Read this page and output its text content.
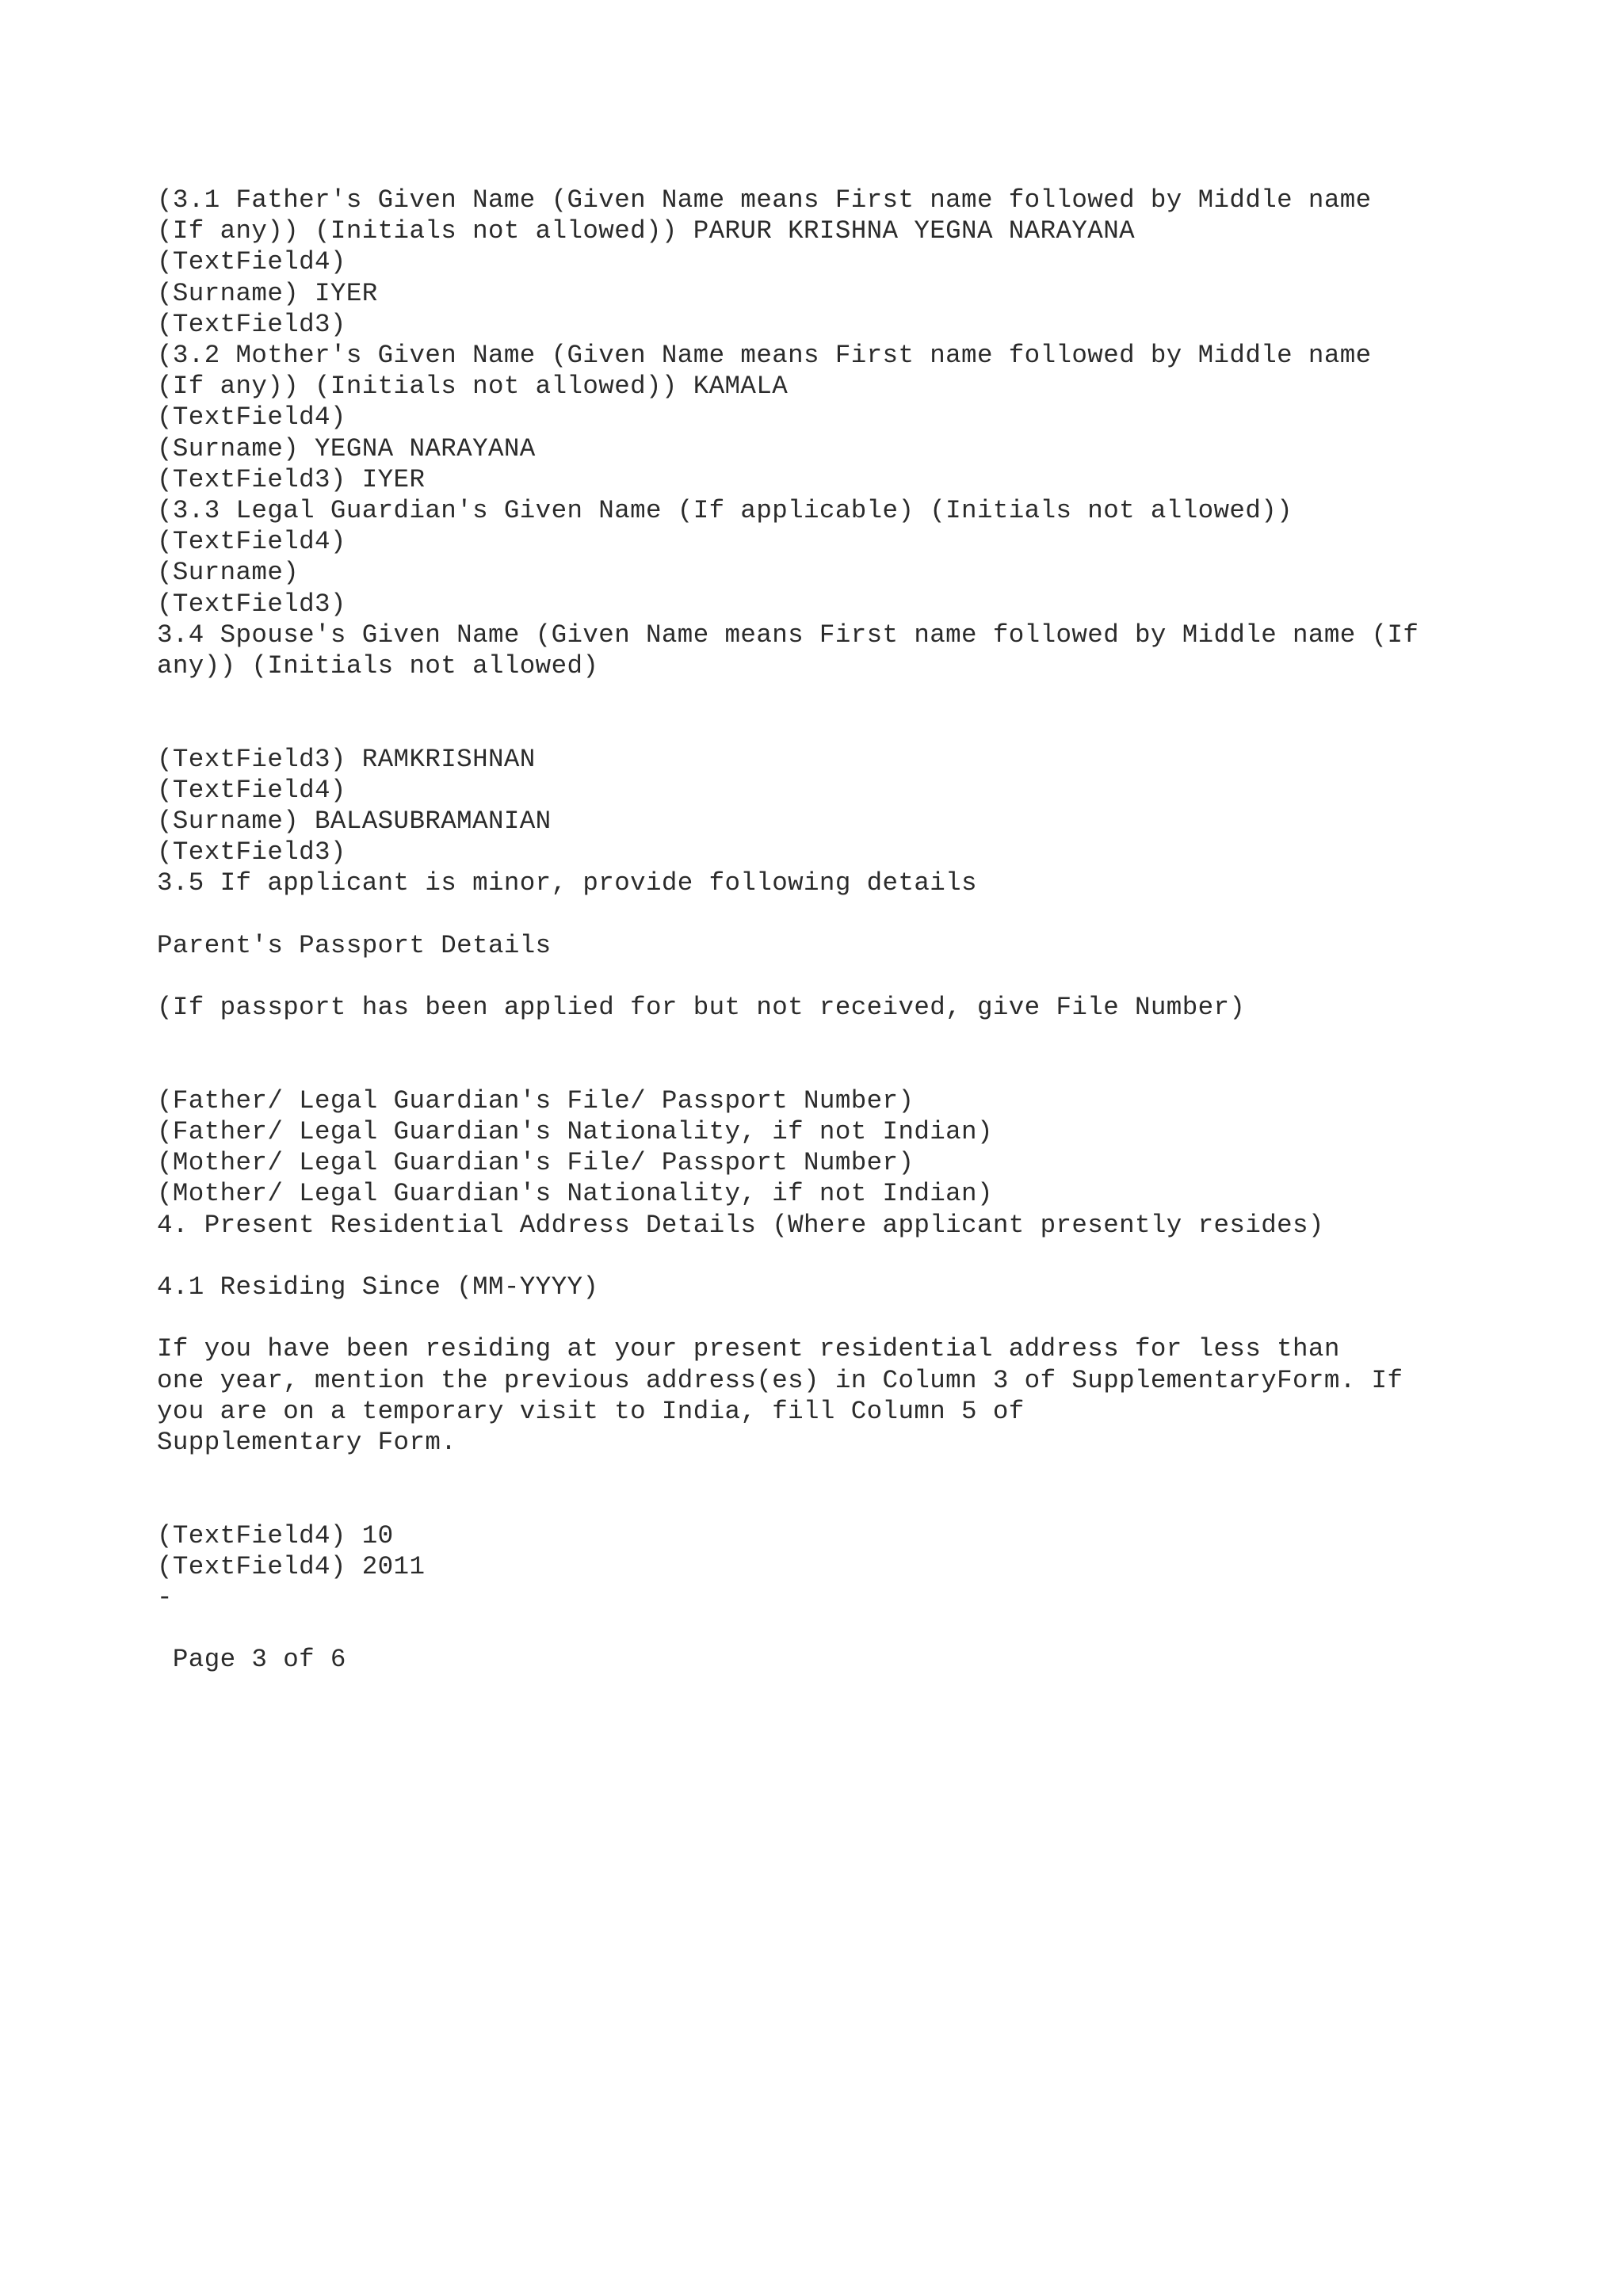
(3.1 Father's Given Name (Given Name means First name followed by Middle name
(If any)) (Initials not allowed)) PARUR KRISHNA YEGNA NARAYANA
(TextField4)
(Surname) IYER
(TextField3)
(3.2 Mother's Given Name (Given Name means First name followed by Middle name
(If any)) (Initials not allowed)) KAMALA
(TextField4)
(Surname) YEGNA NARAYANA
(TextField3) IYER
(3.3 Legal Guardian's Given Name (If applicable) (Initials not allowed))
(TextField4)
(Surname)
(TextField3)
3.4 Spouse's Given Name (Given Name means First name followed by Middle name (If
any)) (Initials not allowed)
(TextField3) RAMKRISHNAN
(TextField4)
(Surname) BALASUBRAMANIAN
(TextField3)
3.5 If applicant is minor, provide following details
Parent's Passport Details
(If passport has been applied for but not received, give File Number)
(Father/ Legal Guardian's File/ Passport Number)
(Father/ Legal Guardian's Nationality, if not Indian)
(Mother/ Legal Guardian's File/ Passport Number)
(Mother/ Legal Guardian's Nationality, if not Indian)
4. Present Residential Address Details (Where applicant presently resides)
4.1 Residing Since (MM-YYYY)
If you have been residing at your present residential address for less than
one year, mention the previous address(es) in Column 3 of SupplementaryForm. If
you are on a temporary visit to India, fill Column 5 of
Supplementary Form.
(TextField4) 10
(TextField4) 2011
-
Page 3 of 6
